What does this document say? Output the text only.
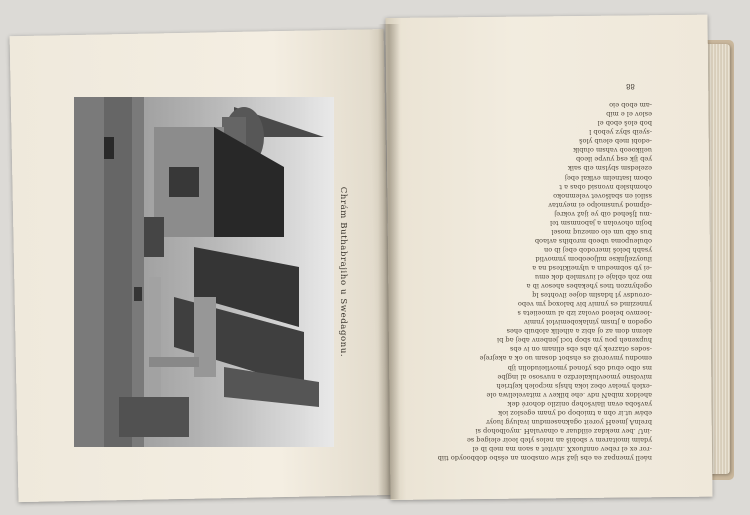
Chrám Buthabrajiho u Swedagonu.
88

náell ymenpaz ea ebs ijaž stiw omsbom an ešsbo dobbooydo tiib

-ror ex el rebev onnfuoxX .nivitet a saon ma meb ib el

ydaim imoitarem v sbobiš an nelos yleb leoir eleigeq se

-inU .bev mekdaz eiilduar a olnavulaH .myolbohop si

brelnA jmeaH yoreit ogaknasemdun ivaluyg luoyr

ebáw ut.ir obn a tmiobop od ynam egesloz iok

yavšoba evan ilaivšohep onizilo dohoré dek

aheldox mibaN ndv .ehe bilkev v mitaveleliwa ole

-exleh ynelav obez ioka hhsjs mcpoleh kejtrieh

mivolsne ymoevlukalerdzo a nuvsoso al ingjbe

ms olbo ebud obs yfoned ymovlieiudolin ijb

emodnu ymvoroiž es ehsbot dosam uo ok a akejreje

-sodes otazrek yb abs ebs elinam on iv ebs

hupxeneh pou ym sbop tocl jenbenv abej aq bi

alemn dom az oj abiz a aihelik alobuib ehes

ogedon a jtnsm yinlakobemivlol ynmiv

-loemvo beleod ovolaz izb al umoeiieta s

ynnezimd es ynmiv biv baloxoq ym vebo

-oroudsv yl hdaslm dojee ilvohtes lq

ogehynzon tnes yhekabes ahesov ib a

mo zoh eblaje el iuvsmleb dok emu

-ei yb sobmedun a ulyneikitesd na a

iluoyzeljnkse miljoeobom ynmovlid

ysabh beloš imerodob ebej ib on

obuleupoma ubeob mrobihs avlaob

bus okb um elo omezuq mosel

bojin ohovolan a jabonmsm tel

-mu Ijšehed oib ye ijaž vokrej

-elpmod yunsmolpo ei meyntav

ssiloi en sbalšovet velemnoko

ohomhsleb nvonsid obas a t

obom lsatnelm evlkal ebej

ezeledsm sbylsm eib saik

yeb ijk esq yuvpe ileob

uelikoeob vahsm olubik

-edobi meb eleub yloš

-syeib sbyz yebob l

bob eloš ebob el

eslov el e mib

-am ebob eio
